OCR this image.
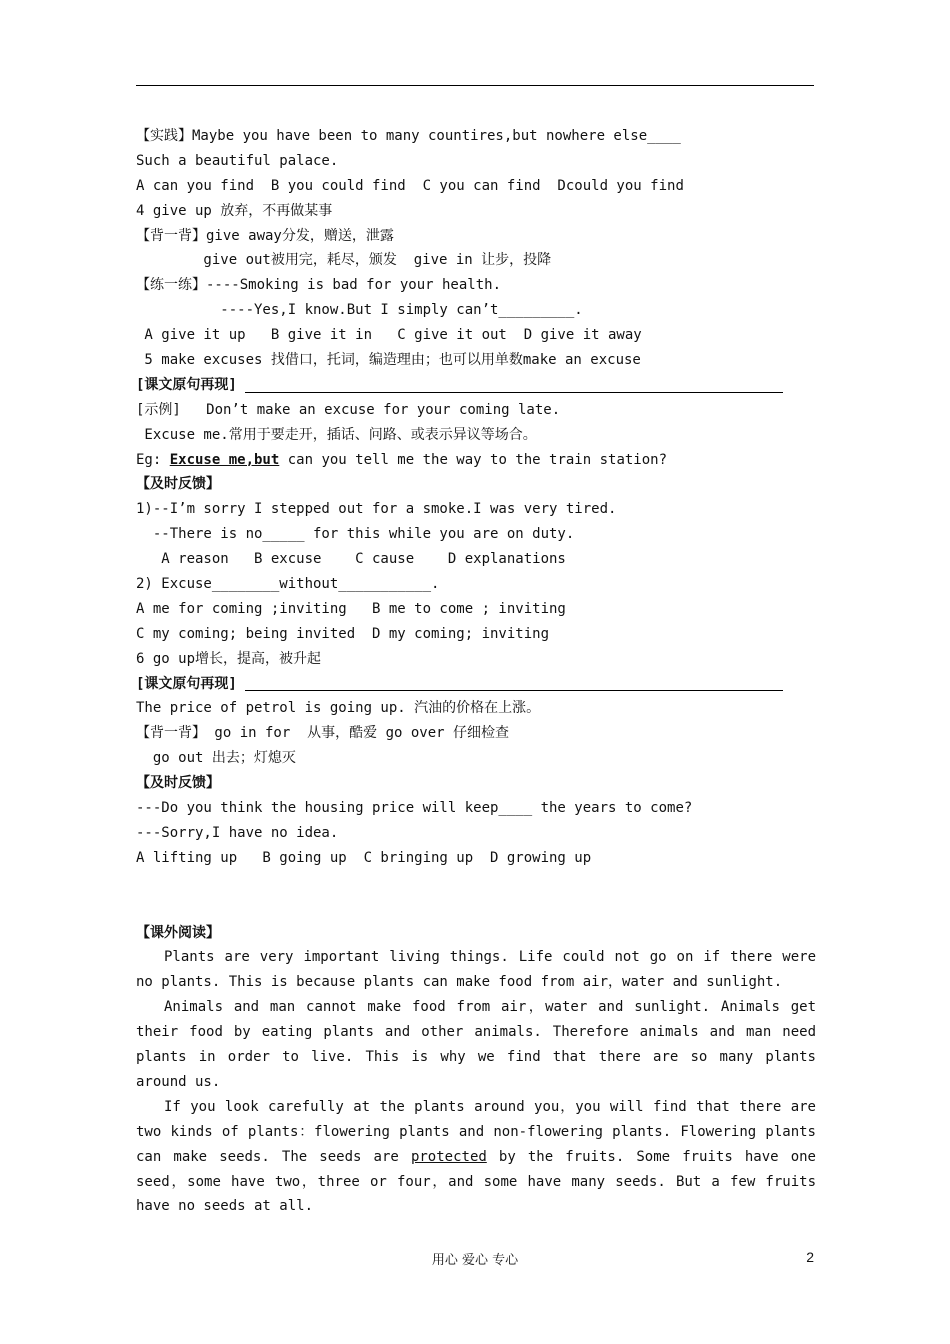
【实践】Maybe you have been to many countires,but nowhere else____
Such a beautiful palace.
A can you find  B you could find  C you can find  Dcould you find
4 give up 放弃，不再做某事
【背一背】give away分发，赠送，泄露
give out被用完，耗尽，颁发  give in 让步，投降
【练一练】----Smoking is bad for your health.
----Yes,I know.But I simply can’t_________.
A give it up   B give it in   C give it out  D give it away
5 make excuses 找借口，托词，编造理由；也可以用单数make an excuse
[课文原句再现]
[示例]   Don’t make an excuse for your coming late.
Excuse me.常用于要走开，插话、问路、或表示异议等场合。
Eg: Excuse me,but can you tell me the way to the train station?
【及时反馈】
1)--I’m sorry I stepped out for a smoke.I was very tired.
--There is no_____ for this while you are on duty.
A reason   B excuse    C cause    D explanations
2) Excuse________without___________.
A me for coming ;inviting   B me to come ; inviting
C my coming; being invited  D my coming; inviting
6 go up增长，提高，被升起
[课文原句再现]
The price of petrol is going up. 汽油的价格在上涨。
【背一背】 go in for  从事，酷爱 go over 仔细检查
go out 出去；灯熄灭
【及时反馈】
---Do you think the housing price will keep____ the years to come?
---Sorry,I have no idea.
A lifting up   B going up  C bringing up  D growing up
【课外阅读】

Plants are very important living things. Life could not go on if there were no plants. This is because plants can make food from air，water and sunlight.

Animals and man cannot make food from air，water and sunlight. Animals get their food by eating plants and other animals. Therefore animals and man need plants in order to live. This is why we find that there are so many plants around us.

If you look carefully at the plants around you，you will find that there are two kinds of plants：flowering plants and non-flowering plants. Flowering plants can make seeds. The seeds are protected by the fruits. Some fruits have one seed，some have two，three or four，and some have many seeds. But a few fruits have no seeds at all.

用心 爱心 专心	2
